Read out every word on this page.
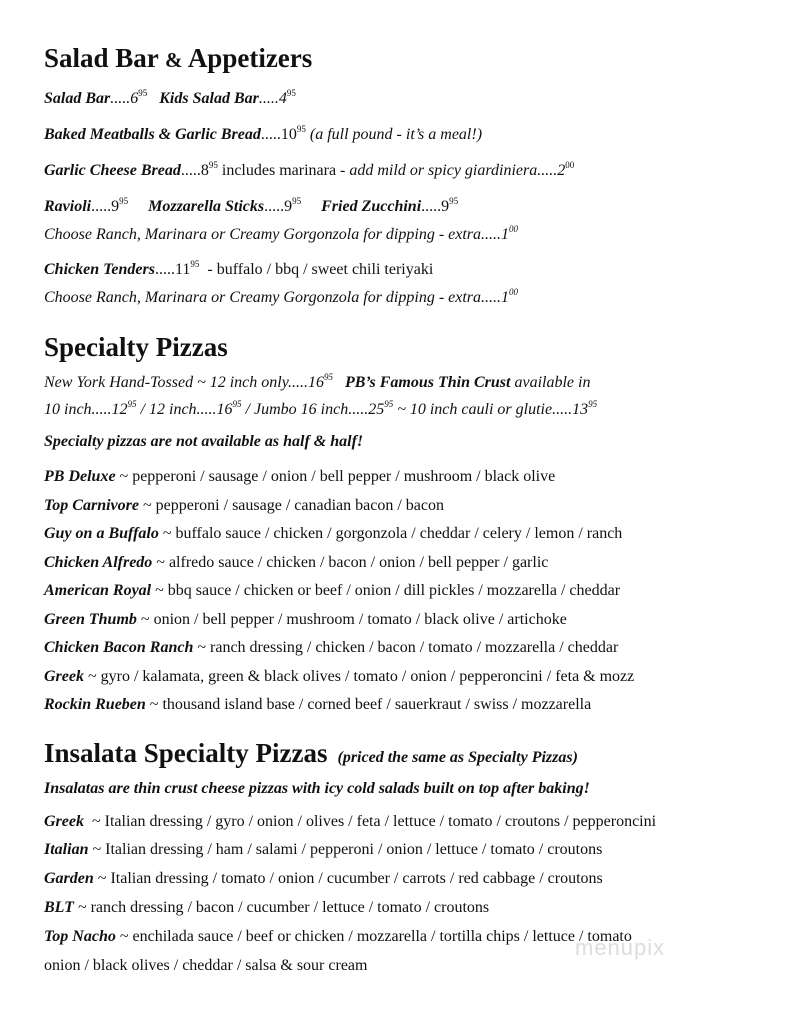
Salad Bar & Appetizers
Salad Bar.....6$^{95}$ Kids Salad Bar.....4$^{95}$
Baked Meatballs & Garlic Bread.....10$^{95}$ (a full pound - it’s a meal!)
Garlic Cheese Bread.....8$^{95}$ includes marinara - add mild or spicy giardiniera.....2$^{00}$
Ravioli.....9$^{95}$ Mozzarella Sticks.....9$^{95}$ Fried Zucchini.....9$^{95}$
Choose Ranch, Marinara or Creamy Gorgonzola for dipping - extra.....1$^{00}$
Chicken Tenders.....11$^{95}$ - buffalo / bbq / sweet chili teriyaki
Choose Ranch, Marinara or Creamy Gorgonzola for dipping - extra.....1$^{00}$
Specialty Pizzas
New York Hand-Tossed ~ 12 inch only.....16$^{95}$ PB’s Famous Thin Crust available in
10 inch.....12$^{95}$ / 12 inch.....16$^{95}$ / Jumbo 16 inch.....25$^{95}$ ~ 10 inch cauli or glutie.....13$^{95}$
Specialty pizzas are not available as half & half!
PB Deluxe ~ pepperoni / sausage / onion / bell pepper / mushroom / black olive
Top Carnivore ~ pepperoni / sausage / canadian bacon / bacon
Guy on a Buffalo ~ buffalo sauce / chicken / gorgonzola / cheddar / celery / lemon / ranch
Chicken Alfredo ~ alfredo sauce / chicken / bacon / onion / bell pepper / garlic
American Royal ~ bbq sauce / chicken or beef / onion / dill pickles / mozzarella / cheddar
Green Thumb ~ onion / bell pepper / mushroom / tomato / black olive / artichoke
Chicken Bacon Ranch ~ ranch dressing / chicken / bacon / tomato / mozzarella / cheddar
Greek ~ gyro / kalamata, green & black olives / tomato / onion / pepperoncini / feta & mozz
Rockin Rueben ~ thousand island base / corned beef / sauerkraut / swiss / mozzarella
Insalata Specialty Pizzas (priced the same as Specialty Pizzas)
Insalatas are thin crust cheese pizzas with icy cold salads built on top after baking!
Greek ~ Italian dressing / gyro / onion / olives / feta / lettuce / tomato / croutons / pepperoncini
Italian ~ Italian dressing / ham / salami / pepperoni / onion / lettuce / tomato / croutons
Garden ~ Italian dressing / tomato / onion / cucumber / carrots / red cabbage / croutons
BLT ~ ranch dressing / bacon / cucumber / lettuce / tomato / croutons
Top Nacho ~ enchilada sauce / beef or chicken / mozzarella / tortilla chips / lettuce / tomato
onion / black olives / cheddar / salsa & sour cream
menupix
